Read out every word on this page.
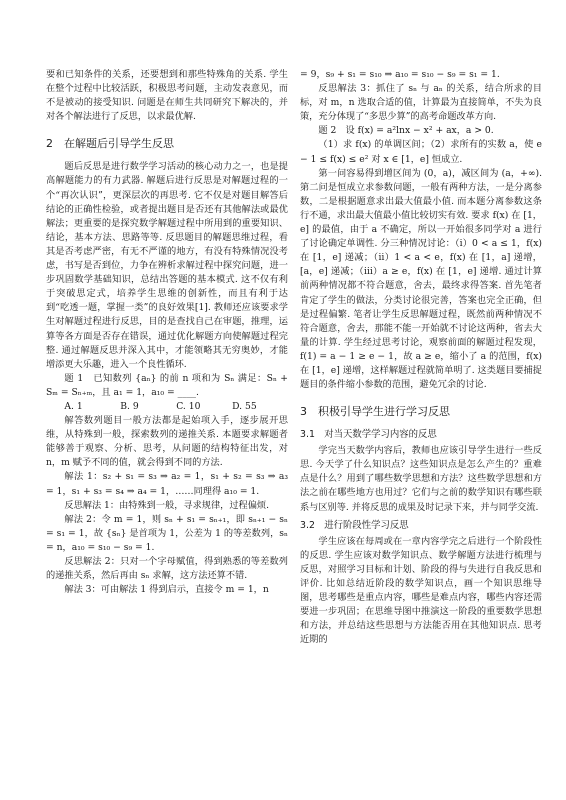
要和已知条件的关系，还要想到和那些特殊角的关系. 学生在整个过程中比较活跃，积极思考问题，主动发表意见，而不是被动的接受知识. 问题是在师生共同研究下解决的，并对各个解法进行了反思，以求最优解.

2　在解题后引导学生反思

题后反思是进行数学学习活动的核心动力之一，也是提高解题能力的有力武器. 解题后进行反思是对解题过程的一个“再次认识”，更深层次的再思考. 它不仅是对题目解答后结论的正确性检验，或者提出题目是否还有其他解法或最优解法；更重要的是探究数学解题过程中所用到的重要知识、结论，基本方法、思路等等. 反思题目的解题思维过程，看其是否考虑严密，有无不严谨的地方，有没有特殊情况没考虑，书写是否到位，力争在辨析求解过程中探究问题，进一步巩固数学基础知识，总结出答题的基本模式. 这不仅有利于突破思定式，培养学生思维的创新性，而且有利于达到“吃透一题，掌握一类”的良好效果[1]. 教师还应该要求学生对解题过程进行反思，目的是查找自己在审题，推理，运算等各方面是否存在错误，通过优化解题方向使解题过程完整. 通过解题反思并深入其中，才能领略其无穷奥妙，才能增添更大乐趣，进入一个良性循环.

题 1　已知数列 {aₙ} 的前 n 项和为 Sₙ 满足：Sₙ + Sₘ = Sₙ₊ₘ，且 a₁ = 1，a₁₀ = ____.

A. 1	B. 9	C. 10	D. 55

解答数列题目一般方法都是起始项入手，逐步展开思维，从特殊到一般，探索数列的递推关系. 本题要求解题者能够善于观察、分析、思考，从问题的结构特征出发，对 n，m 赋予不同的值，就会得到不同的方法.

解法 1：s₂ + s₁ = s₃ ⇒ a₂ = 1，s₁ + s₂ = s₃ ⇒ a₃ = 1，s₁ + s₃ = s₄ ⇒ a₄ = 1，……同理得 a₁₀ = 1.

反思解法 1：由特殊到一般，寻求规律，过程偏烦.

解法 2：令 m = 1，则 sₙ + s₁ = sₙ₊₁，即 sₙ₊₁ − sₙ = s₁ = 1，故 {sₙ} 是首项为 1，公差为 1 的等差数列，sₙ = n，a₁₀ = s₁₀ − s₉ = 1.

反思解法 2：只对一个字母赋值，得到熟悉的等差数列的递推关系，然后再由 sₙ 求解，这方法还算不错.

解法 3：可由解法 1 得到启示，直接令 m = 1，n

= 9，s₉ + s₁ = s₁₀ ⇒ a₁₀ = s₁₀ − s₉ = s₁ = 1.

反思解法 3：抓住了 sₙ 与 aₙ 的关系，结合所求的目标，对 m，n 选取合适的值，计算最为直接简单，不失为良策，充分体现了“多思少算”的高考命题改革方向.

题 2　设 f(x) = a²lnx − x² + ax，a > 0.

（1）求 f(x) 的单调区间；（2）求所有的实数 a，使 e − 1 ≤ f(x) ≤ e² 对 x ∈ [1，e] 恒成立.

第一问容易得到增区间为 (0，a)，减区间为 (a，+∞). 第二问是恒成立求参数问题，一般有两种方法，一是分离参数，二是根据题意求出最大值最小值. 而本题分离参数这条行不通，求出最大值最小值比较切实有效. 要求 f(x) 在 [1，e] 的最值，由于 a 不确定，所以一开始很多同学对 a 进行了讨论确定单调性. 分三种情况讨论：（ⅰ）0 < a ≤ 1，f(x) 在 [1，e] 递减；（ⅱ）1 < a < e，f(x) 在 [1，a] 递增，[a，e] 递减；（ⅲ）a ≥ e，f(x) 在 [1，e] 递增. 通过计算前两种情况都不符合题意，舍去，最终求得答案. 首先笔者肯定了学生的做法，分类讨论很完善，答案也完全正确，但是过程偏繁. 笔者让学生反思解题过程，既然前两种情况不符合题意，舍去，那能不能一开始就不讨论这两种，省去大量的计算. 学生经过思考讨论，观察前面的解题过程发现，f(1) = a − 1 ≥ e − 1，故 a ≥ e，缩小了 a 的范围，f(x) 在 [1，e] 递增，这样解题过程就简单明了. 这类题目要捕捉题目的条件缩小参数的范围，避免冗余的讨论.

3　积极引导学生进行学习反思
3.1　对当天数学学习内容的反思

学完当天数学内容后，教师也应该引导学生进行一些反思. 今天学了什么知识点？这些知识点是怎么产生的？重难点是什么？用到了哪些数学思想和方法？这些数学思想和方法之前在哪些地方也用过？它们与之前的数学知识有哪些联系与区别等. 并将反思的成果及时记录下来，并与同学交流.

3.2　进行阶段性学习反思

学生应该在每周或在一章内容学完之后进行一个阶段性的反思. 学生应该对数学知识点、数学解题方法进行梳理与反思，对照学习目标和计划、阶段的得与失进行自我反思和评价. 比如总结近阶段的数学知识点，画一个知识思维导图，思考哪些是重点内容，哪些是难点内容，哪些内容还需要进一步巩固；在思维导图中推演这一阶段的重要数学思想和方法，并总结这些思想与方法能否用在其他知识点. 思考近期的
